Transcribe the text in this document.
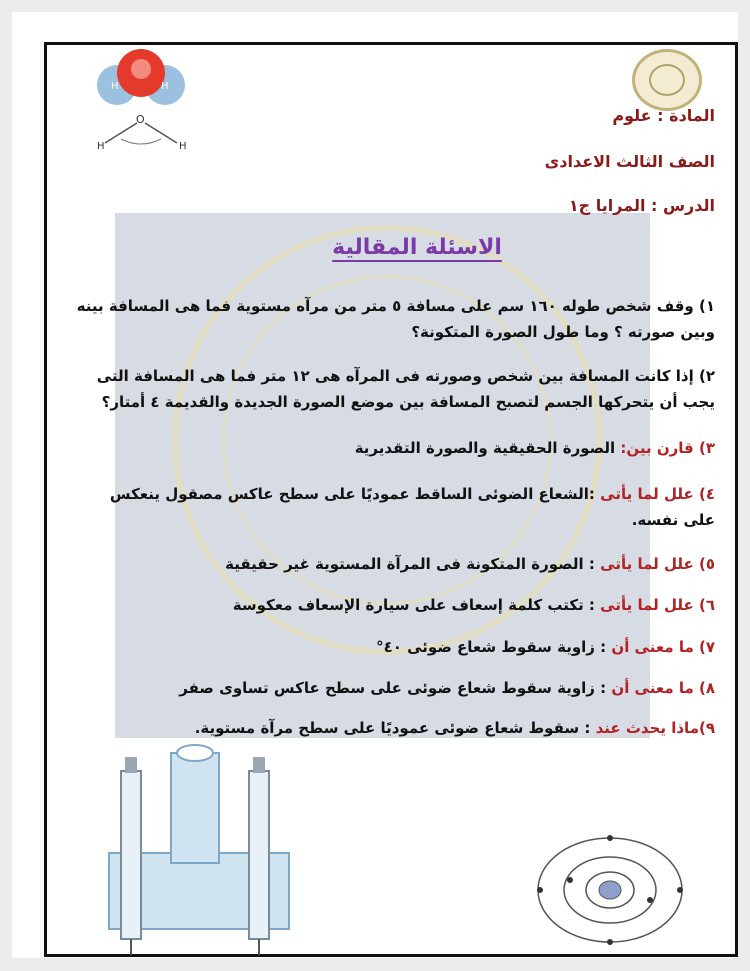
H	H
O
H	H
المادة : علوم
الصف الثالث الاعدادى
الدرس : المرايا ج١
الاسئلة المقالية
١) وقف شخص طوله ١٦٠ سم على مسافة ٥ متر من مرآه مستوية فما هى المسافة بينه وبين صورته ؟ وما طول الصورة المتكونة؟
٢) إذا كانت المسافة بين شخص وصورته فى المرآه هى ١٢ متر فما هى المسافة التى يجب أن يتحركها الجسم لتصبح المسافة بين موضع الصورة الجديدة والقديمة ٤ أمتار؟
٣) قارن بين: الصورة الحقيقية والصورة التقديرية
٤) علل لما يأتى :الشعاع الضوئى الساقط عموديًا على سطح عاكس مصقول ينعكس على نفسه.
٥) علل لما يأتى : الصورة المتكونة فى المرآة المستوية غير حقيقية
٦) علل لما يأتى : تكتب كلمة إسعاف على سيارة الإسعاف معكوسة
٧) ما معنى أن : زاوية سقوط شعاع ضوئى ٤٠°
٨) ما معنى أن : زاوية سقوط شعاع ضوئى على سطح عاكس تساوى صفر
٩)ماذا يحدث عند : سقوط شعاع ضوئى عموديًا على سطح مرآة مستوية.
